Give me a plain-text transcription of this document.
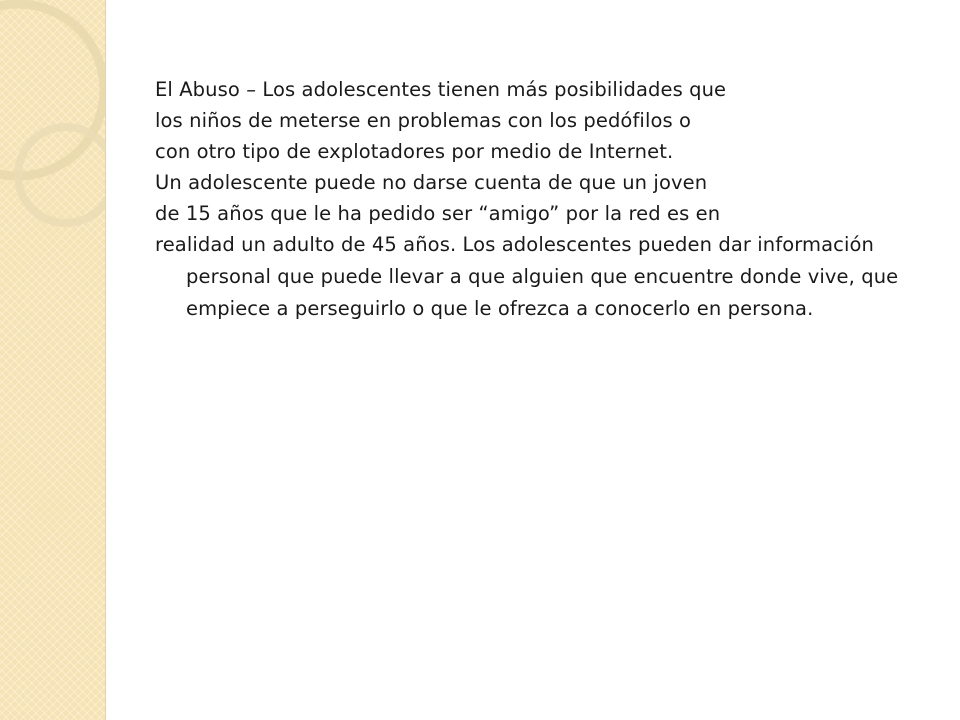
El Abuso – Los adolescentes tienen más posibilidades que

los niños de meterse en problemas con los pedófilos o

con otro tipo de explotadores por medio de Internet.

Un adolescente puede no darse cuenta de que un joven

de 15 años que le ha pedido ser “amigo” por la red es en

realidad un adulto de 45 años. Los adolescentes pueden dar información personal que puede llevar a que alguien que encuentre donde vive, que empiece a perseguirlo o que le ofrezca a conocerlo en persona.
